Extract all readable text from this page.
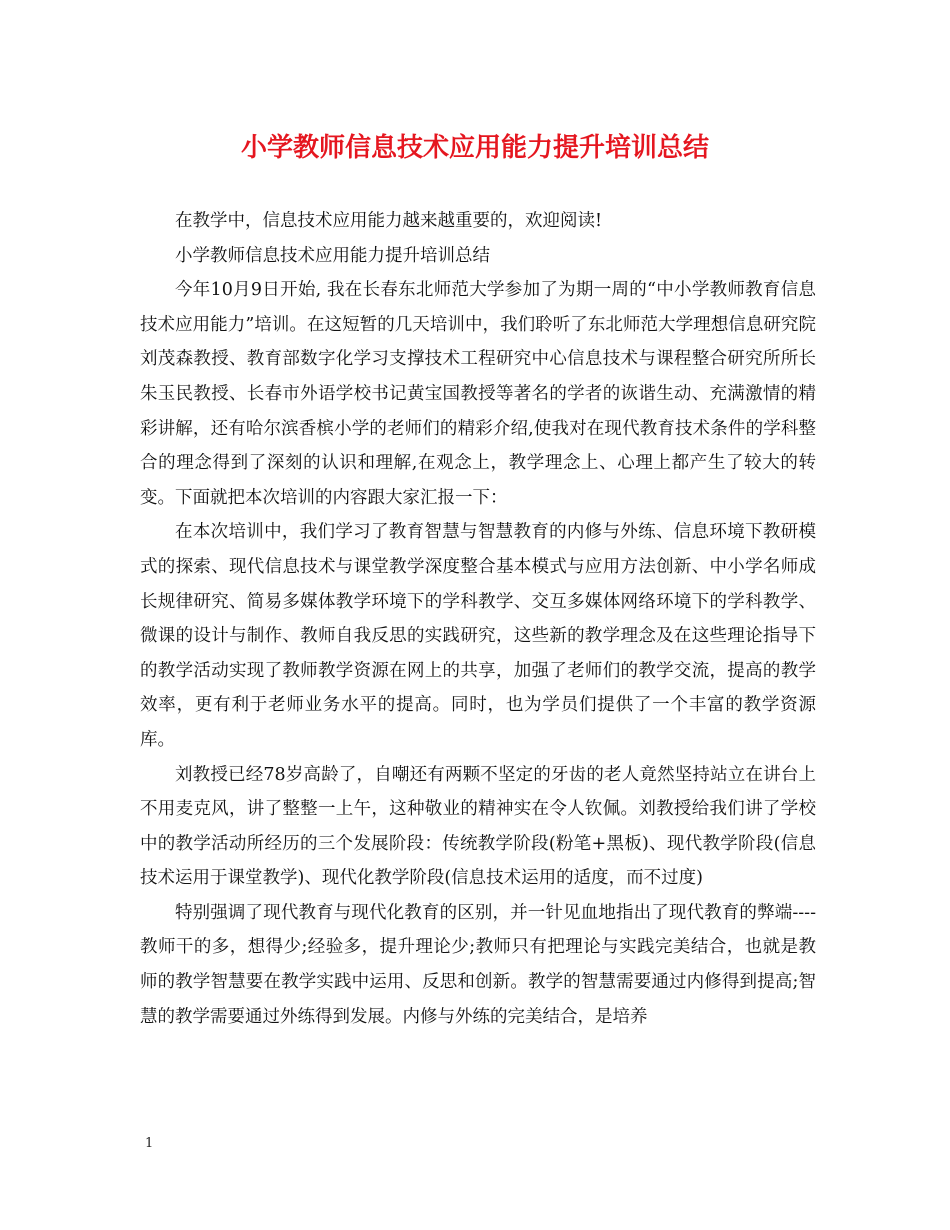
小学教师信息技术应用能力提升培训总结

在教学中，信息技术应用能力越来越重要的，欢迎阅读!

小学教师信息技术应用能力提升培训总结

今年10月9日开始, 我在长春东北师范大学参加了为期一周的“中小学教师教育信息技术应用能力”培训。在这短暂的几天培训中，我们聆听了东北师范大学理想信息研究院刘茂森教授、教育部数字化学习支撑技术工程研究中心信息技术与课程整合研究所所长朱玉民教授、长春市外语学校书记黄宝国教授等著名的学者的诙谐生动、充满激情的精彩讲解，还有哈尔滨香槟小学的老师们的精彩介绍,使我对在现代教育技术条件的学科整合的理念得到了深刻的认识和理解,在观念上，教学理念上、心理上都产生了较大的转变。下面就把本次培训的内容跟大家汇报一下：

在本次培训中，我们学习了教育智慧与智慧教育的内修与外练、信息环境下教研模式的探索、现代信息技术与课堂教学深度整合基本模式与应用方法创新、中小学名师成长规律研究、简易多媒体教学环境下的学科教学、交互多媒体网络环境下的学科教学、微课的设计与制作、教师自我反思的实践研究，这些新的教学理念及在这些理论指导下的教学活动实现了教师教学资源在网上的共享，加强了老师们的教学交流，提高的教学效率，更有利于老师业务水平的提高。同时，也为学员们提供了一个丰富的教学资源库。

刘教授已经78岁高龄了，自嘲还有两颗不坚定的牙齿的老人竟然坚持站立在讲台上不用麦克风，讲了整整一上午，这种敬业的精神实在令人钦佩。刘教授给我们讲了学校中的教学活动所经历的三个发展阶段：传统教学阶段(粉笔+黑板)、现代教学阶段(信息技术运用于课堂教学)、现代化教学阶段(信息技术运用的适度，而不过度)

特别强调了现代教育与现代化教育的区别，并一针见血地指出了现代教育的弊端----教师干的多，想得少;经验多，提升理论少;教师只有把理论与实践完美结合，也就是教师的教学智慧要在教学实践中运用、反思和创新。教学的智慧需要通过内修得到提高;智慧的教学需要通过外练得到发展。内修与外练的完美结合，是培养

1
